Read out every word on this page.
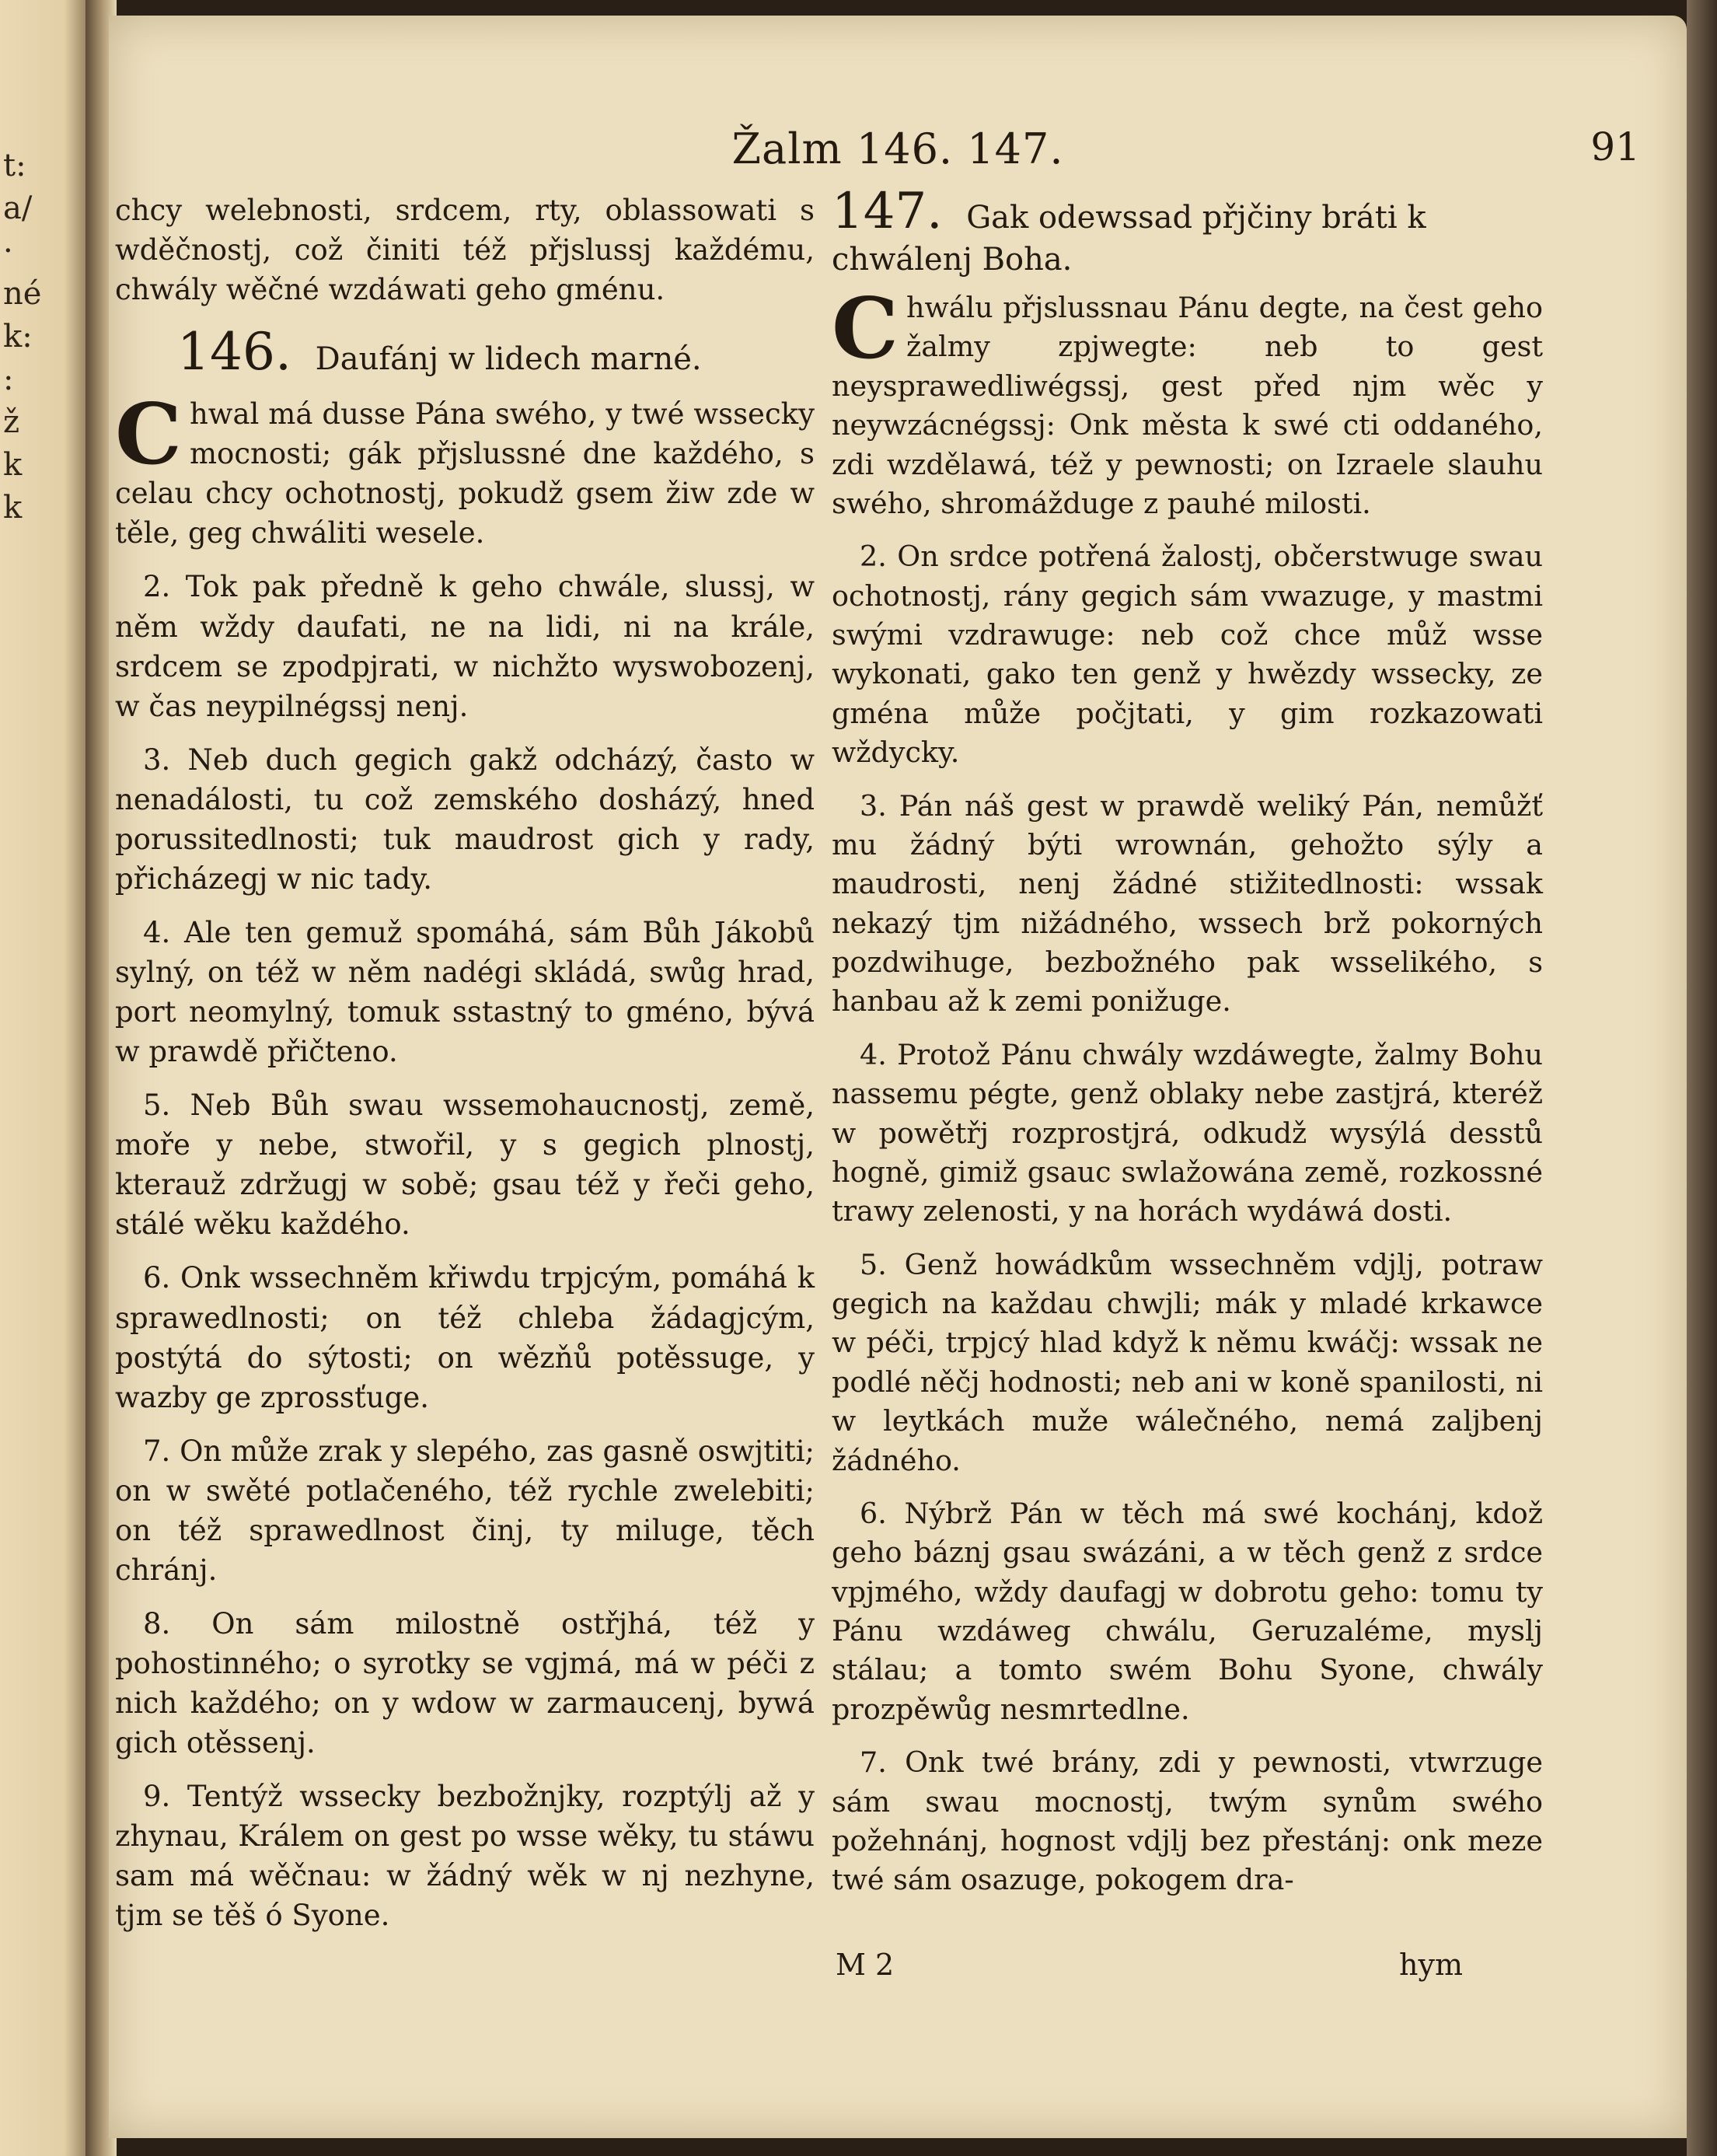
t:
a/
·
né
k:
:
ž
k
k
Žalm 146. 147.	91

chcy welebnosti, srdcem, rty, oblassowati s wděčnostj, což činiti též přjslussj každému, chwály wěčné wzdáwati geho gménu.

146. Daufánj w lidech marné.

Chwal má dusse Pána swého, y twé wssecky mocnosti; gák přjslussné dne každého, s celau chcy ochotnostj, pokudž gsem žiw zde w těle, geg chwáliti wesele.

2. Tok pak předně k geho chwále, slussj, w něm wždy daufati, ne na lidi, ni na krále, srdcem se zpodpjrati, w nichžto wyswobozenj, w čas neypilnégssj nenj.

3. Neb duch gegich gakž odcházý, často w nenadálosti, tu což zemského dosházý, hned porussitedlnosti; tuk maudrost gich y rady, přicházegj w nic tady.

4. Ale ten gemuž spomáhá, sám Bůh Jákobů sylný, on též w něm nadégi skládá, swůg hrad, port neomylný, tomuk sstastný to gméno, bývá w prawdě přičteno.

5. Neb Bůh swau wssemohaucnostj, země, moře y nebe, stwořil, y s gegich plnostj, kterauž zdržugj w sobě; gsau též y řeči geho, stálé wěku každého.

6. Onk wssechněm křiwdu trpjcým, pomáhá k sprawedlnosti; on též chleba žádagjcým, postýtá do sýtosti; on wězňů potěssuge, y wazby ge zprossťuge.

7. On může zrak y slepého, zas gasně oswjtiti; on w swěté potlačeného, též rychle zwelebiti; on též sprawedlnost činj, ty miluge, těch chránj.

8. On sám milostně ostřjhá, též y pohostinného; o syrotky se vgjmá, má w péči z nich každého; on y wdow w zarmaucenj, bywá gich otěssenj.

9. Tentýž wssecky bezbožnjky, rozptýlj až y zhynau, Králem on gest po wsse wěky, tu stáwu sam má wěčnau: w žádný wěk w nj nezhyne, tjm se těš ó Syone.

147. Gak odewssad přjčiny bráti k chwálenj Boha.

Chwálu přjslussnau Pánu degte, na čest geho žalmy zpjwegte: neb to gest neysprawedliwégssj, gest před njm wěc y neywzácnégssj: Onk města k swé cti oddaného, zdi wzdělawá, též y pewnosti; on Izraele slauhu swého, shromážduge z pauhé milosti.

2. On srdce potřená žalostj, občerstwuge swau ochotnostj, rány gegich sám vwazuge, y mastmi swými vzdrawuge: neb což chce můž wsse wykonati, gako ten genž y hwězdy wssecky, ze gména může počjtati, y gim rozkazowati wždycky.

3. Pán náš gest w prawdě weliký Pán, nemůžť mu žádný býti wrownán, gehožto sýly a maudrosti, nenj žádné stižitedlnosti: wssak nekazý tjm nižádného, wssech brž pokorných pozdwihuge, bezbožného pak wsselikého, s hanbau až k zemi ponižuge.

4. Protož Pánu chwály wzdáwegte, žalmy Bohu nassemu pégte, genž oblaky nebe zastjrá, kteréž w powětřj rozprostjrá, odkudž wysýlá desstů hogně, gimiž gsauc swlažowána země, rozkossné trawy zelenosti, y na horách wydáwá dosti.

5. Genž howádkům wssechněm vdjlj, potraw gegich na každau chwjli; mák y mladé krkawce w péči, trpjcý hlad když k němu kwáčj: wssak ne podlé něčj hodnosti; neb ani w koně spanilosti, ni w leytkách muže wálečného, nemá zaljbenj žádného.

6. Nýbrž Pán w těch má swé kochánj, kdož geho báznj gsau swázáni, a w těch genž z srdce vpjmého, wždy daufagj w dobrotu geho: tomu ty Pánu wzdáweg chwálu, Geruzaléme, myslj stálau; a tomto swém Bohu Syone, chwály prozpěwůg nesmrtedlne.

7. Onk twé brány, zdi y pewnosti, vtwrzuge sám swau mocnostj, twým synům swého požehnánj, hognost vdjlj bez přestánj: onk meze twé sám osazuge, pokogem dra-

M 2	hym
